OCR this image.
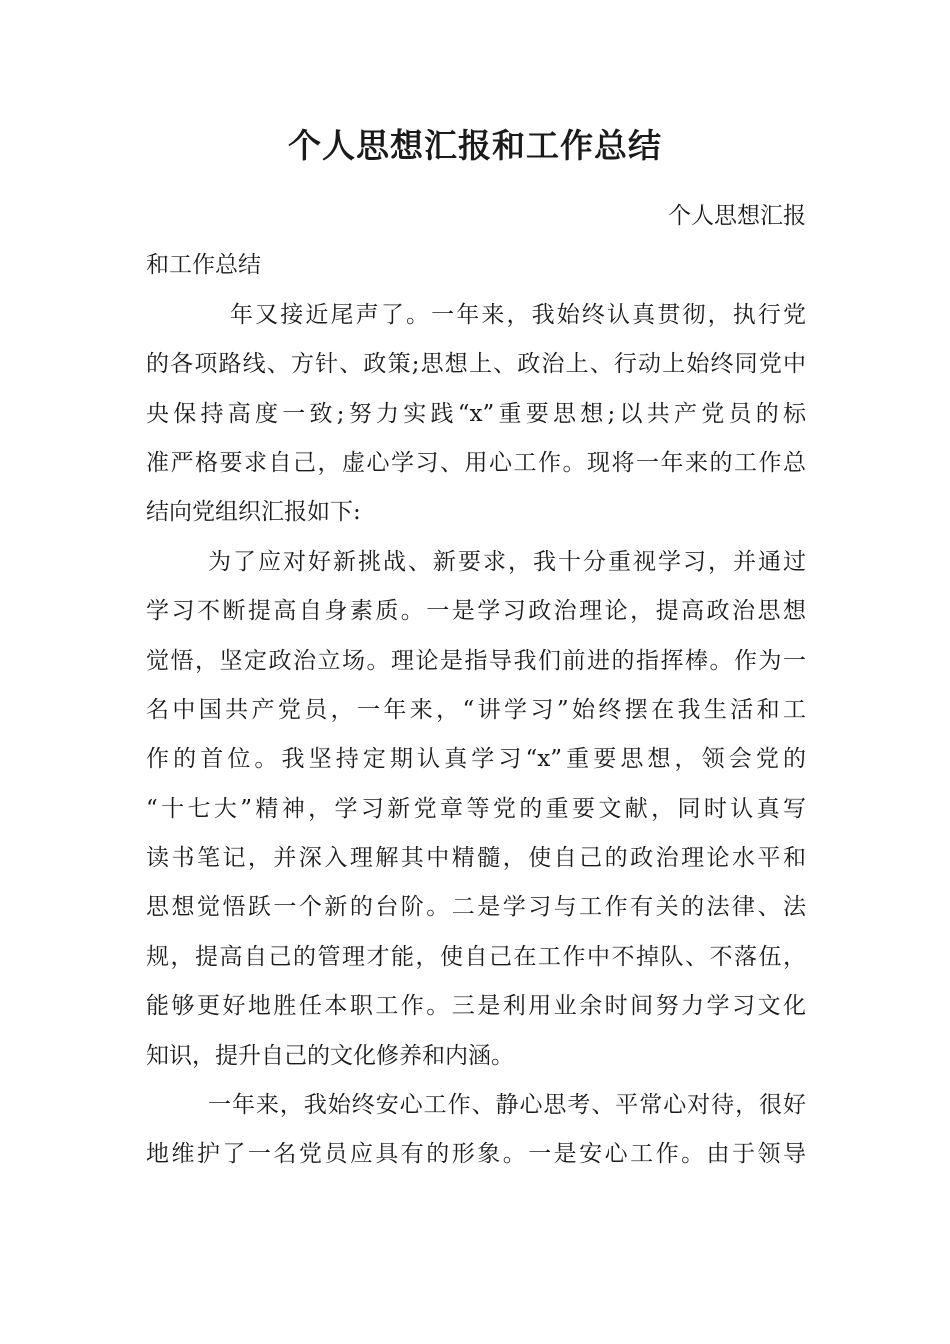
个人思想汇报和工作总结
个人思想汇报
和工作总结
年又接近尾声了。一年来，我始终认真贯彻，执行党
的各项路线、方针、政策;思想上、政治上、行动上始终同党中
央保持高度一致;努力实践“x”重要思想;以共产党员的标
准严格要求自己，虚心学习、用心工作。现将一年来的工作总
结向党组织汇报如下:
为了应对好新挑战、新要求，我十分重视学习，并通过
学习不断提高自身素质。一是学习政治理论，提高政治思想
觉悟，坚定政治立场。理论是指导我们前进的指挥棒。作为一
名中国共产党员，一年来，“讲学习”始终摆在我生活和工
作的首位。我坚持定期认真学习“x”重要思想，领会党的
“十七大”精神，学习新党章等党的重要文献，同时认真写
读书笔记，并深入理解其中精髓，使自己的政治理论水平和
思想觉悟跃一个新的台阶。二是学习与工作有关的法律、法
规，提高自己的管理才能，使自己在工作中不掉队、不落伍，
能够更好地胜任本职工作。三是利用业余时间努力学习文化
知识，提升自己的文化修养和内涵。
一年来，我始终安心工作、静心思考、平常心对待，很好
地维护了一名党员应具有的形象。一是安心工作。由于领导
